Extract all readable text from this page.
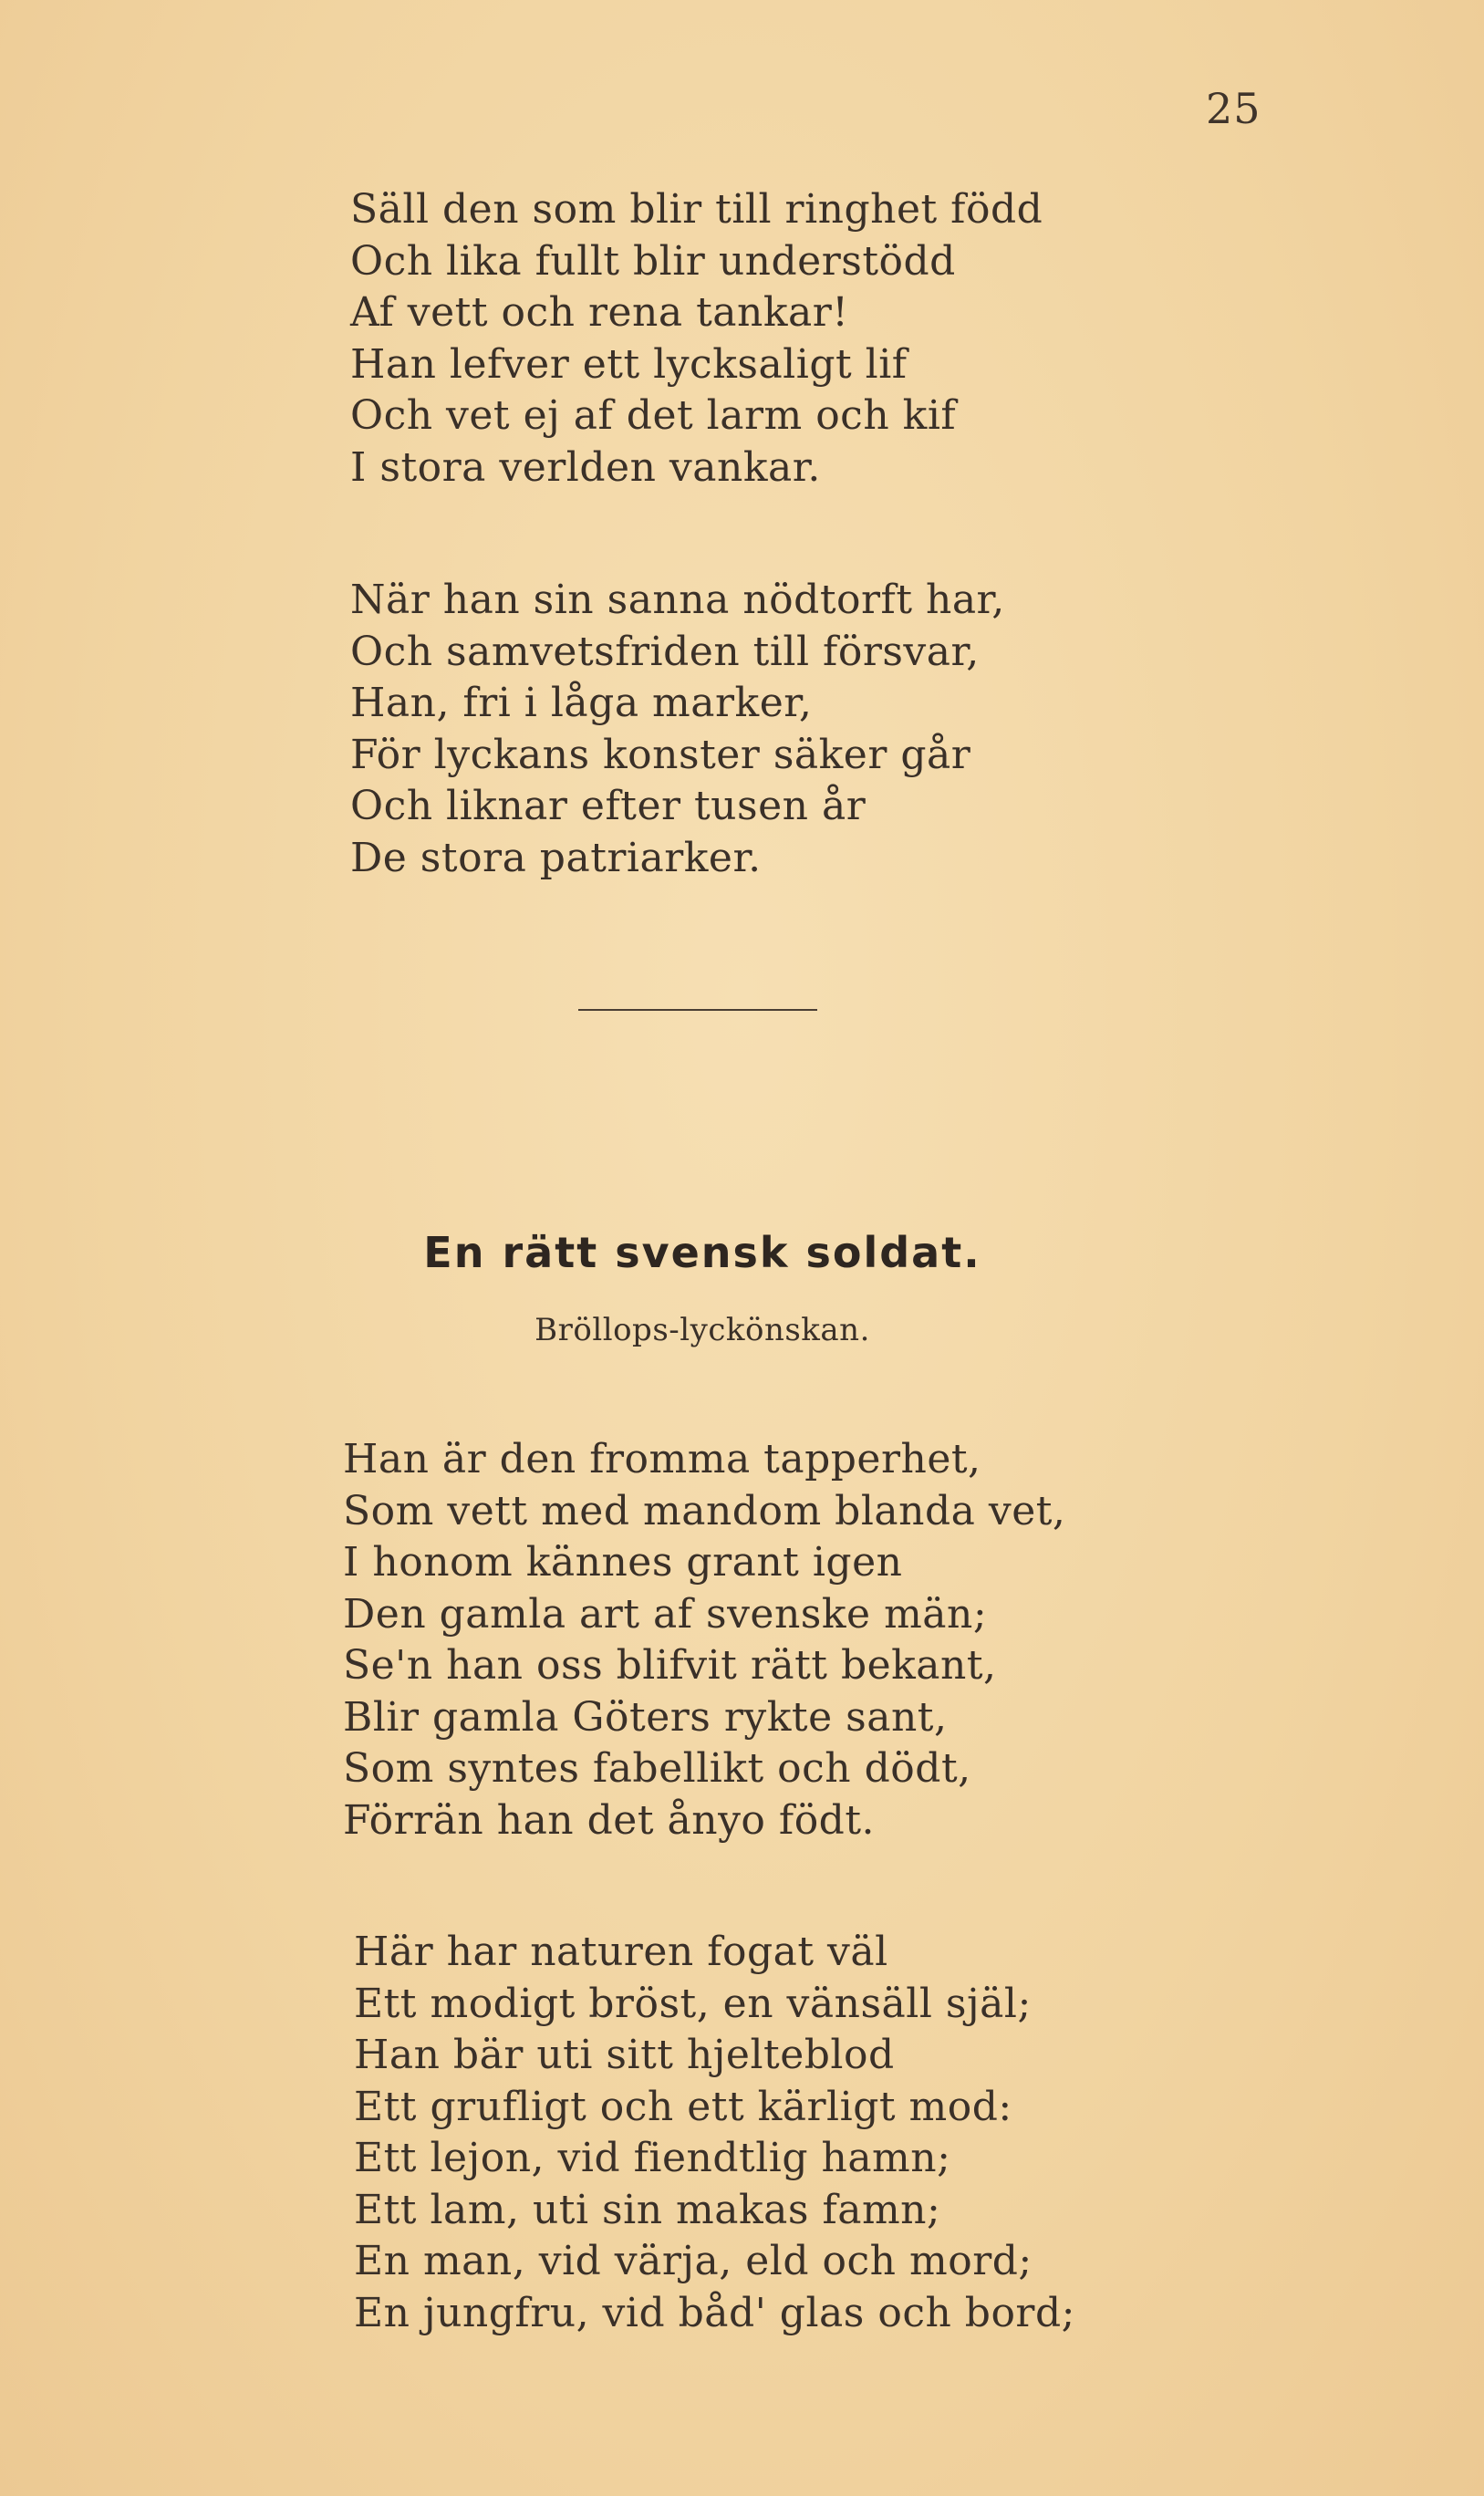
25
Säll den som blir till ringhet född
Och lika fullt blir understödd
Af vett och rena tankar!
Han lefver ett lycksaligt lif
Och vet ej af det larm och kif
I stora verlden vankar.
När han sin sanna nödtorft har,
Och samvetsfriden till försvar,
Han, fri i låga marker,
För lyckans konster säker går
Och liknar efter tusen år
De stora patriarker.
En rätt svensk soldat.
Bröllops-lyckönskan.
Han är den fromma tapperhet,
Som vett med mandom blanda vet,
I honom kännes grant igen
Den gamla art af svenske män;
Se'n han oss blifvit rätt bekant,
Blir gamla Göters rykte sant,
Som syntes fabellikt och dödt,
Förrän han det ånyo födt.
Här har naturen fogat väl
Ett modigt bröst, en vänsäll själ;
Han bär uti sitt hjelteblod
Ett grufligt och ett kärligt mod:
Ett lejon, vid fiendtlig hamn;
Ett lam, uti sin makas famn;
En man, vid värja, eld och mord;
En jungfru, vid båd' glas och bord;
